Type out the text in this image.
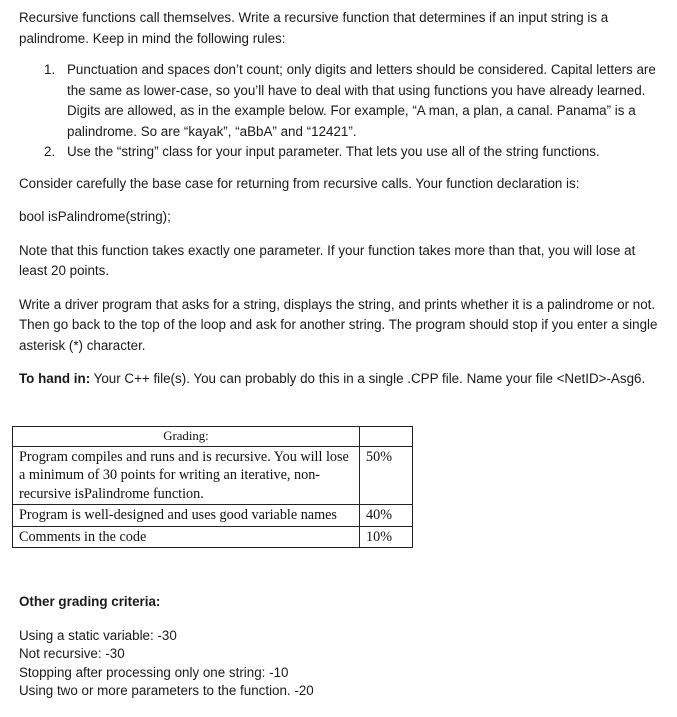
Recursive functions call themselves. Write a recursive function that determines if an input string is a palindrome. Keep in mind the following rules:

1. Punctuation and spaces don’t count; only digits and letters should be considered. Capital letters are the same as lower-case, so you’ll have to deal with that using functions you have already learned. Digits are allowed, as in the example below. For example, “A man, a plan, a canal. Panama” is a palindrome. So are “kayak”, “aBbA” and “12421”.
2. Use the “string” class for your input parameter. That lets you use all of the string functions.

Consider carefully the base case for returning from recursive calls. Your function declaration is:

bool isPalindrome(string);

Note that this function takes exactly one parameter. If your function takes more than that, you will lose at least 20 points.

Write a driver program that asks for a string, displays the string, and prints whether it is a palindrome or not. Then go back to the top of the loop and ask for another string. The program should stop if you enter a single asterisk (*) character.

To hand in: Your C++ file(s). You can probably do this in a single .CPP file. Name your file <NetID>-Asg6.

Grading:	
Program compiles and runs and is recursive. You will lose a minimum of 30 points for writing an iterative, non-recursive isPalindrome function.	50%
Program is well-designed and uses good variable names	40%
Comments in the code	10%

Other grading criteria:

Using a static variable: -30

Not recursive: -30

Stopping after processing only one string: -10

Using two or more parameters to the function. -20
